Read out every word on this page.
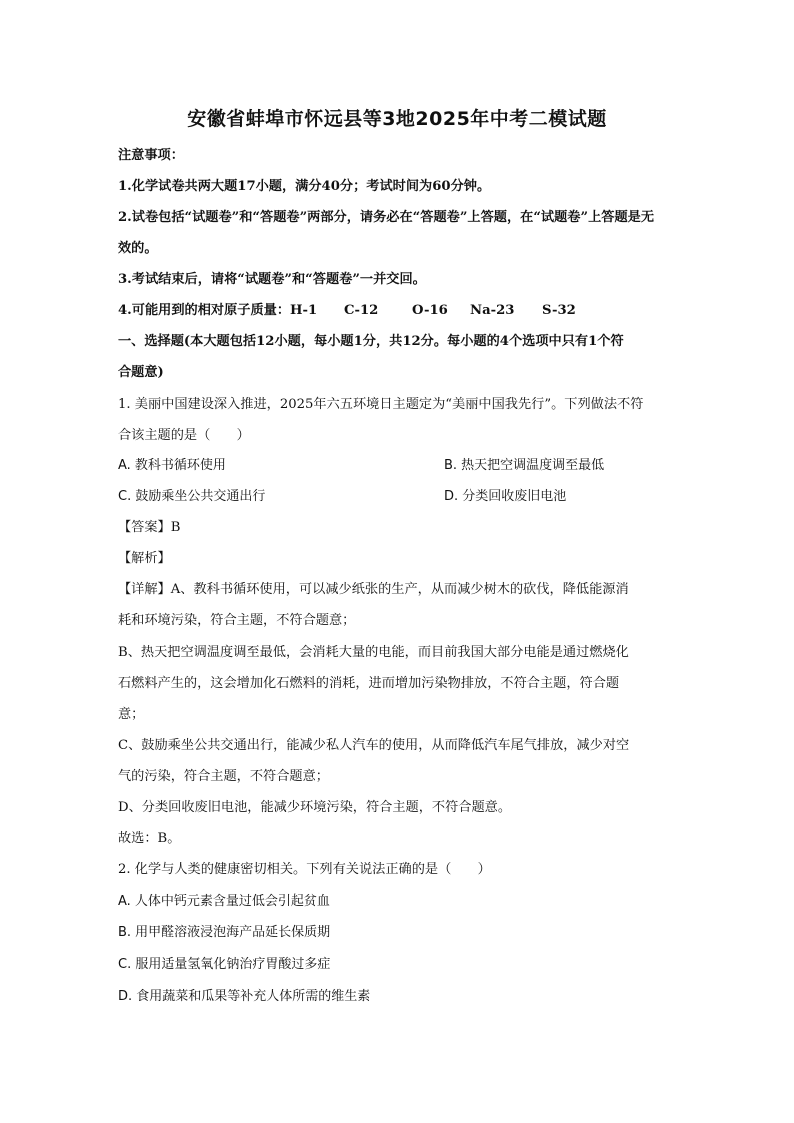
安徽省蚌埠市怀远县等3地2025年中考二模试题
注意事项：
1.化学试卷共两大题17小题，满分40分；考试时间为60分钟。
2.试卷包括“试题卷”和“答题卷”两部分，请务必在“答题卷”上答题，在“试题卷”上答题是无
效的。
3.考试结束后，请将“试题卷”和“答题卷”一并交回。
4.可能用到的相对原子质量： H-1	C-12	O-16	Na-23	S-32
一、选择题(本大题包括12小题，每小题1分，共12分。每小题的4个选项中只有1个符
合题意)
1. 美丽中国建设深入推进，2025年六五环境日主题定为“美丽中国我先行”。下列做法不符
合该主题的是（　　）
A. 教科书循环使用	B. 热天把空调温度调至最低
C. 鼓励乘坐公共交通出行	D. 分类回收废旧电池
【答案】B
【解析】
【详解】A、教科书循环使用，可以减少纸张的生产，从而减少树木的砍伐，降低能源消
耗和环境污染，符合主题，不符合题意；
B、热天把空调温度调至最低，会消耗大量的电能，而目前我国大部分电能是通过燃烧化
石燃料产生的，这会增加化石燃料的消耗，进而增加污染物排放，不符合主题，符合题
意；
C、鼓励乘坐公共交通出行，能减少私人汽车的使用，从而降低汽车尾气排放，减少对空
气的污染，符合主题，不符合题意；
D、分类回收废旧电池，能减少环境污染，符合主题，不符合题意。
故选：B。
2. 化学与人类的健康密切相关。下列有关说法正确的是（　　）
A. 人体中钙元素含量过低会引起贫血
B. 用甲醛溶液浸泡海产品延长保质期
C. 服用适量氢氧化钠治疗胃酸过多症
D. 食用蔬菜和瓜果等补充人体所需的维生素
